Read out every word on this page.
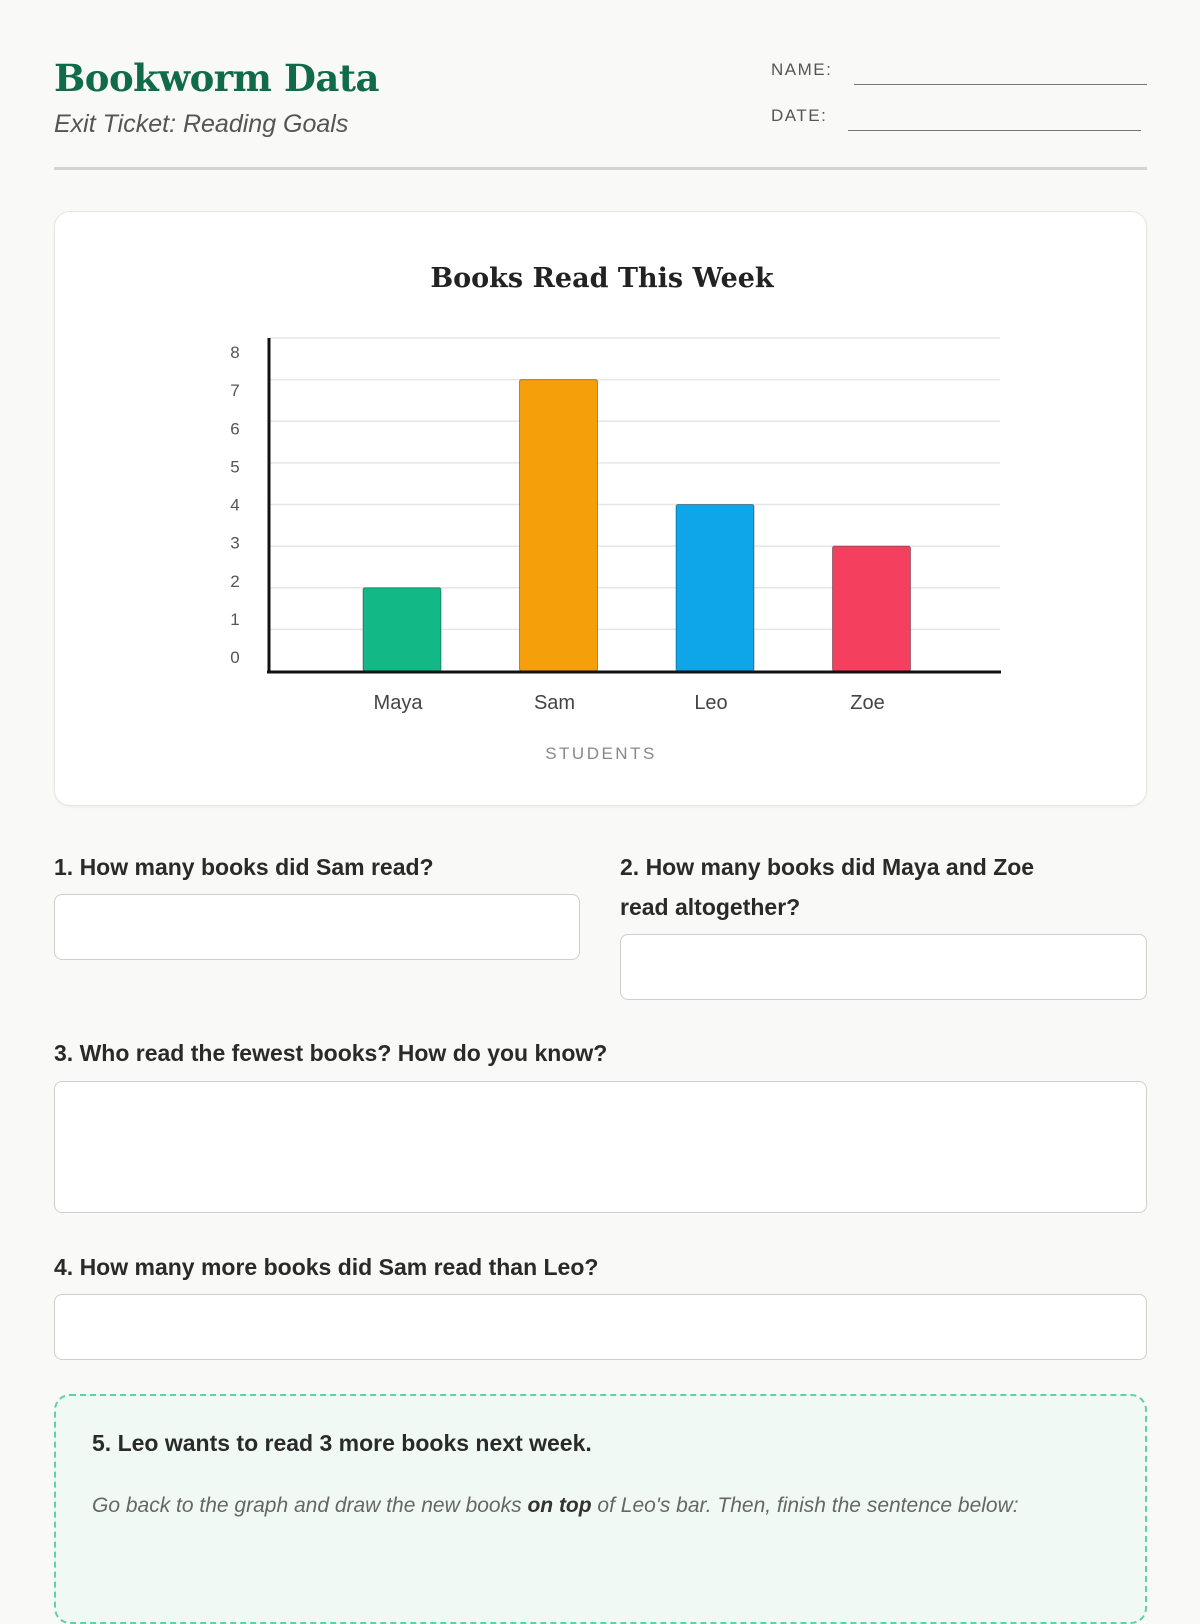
Bookworm Data
Exit Ticket: Reading Goals
NAME:
DATE:
Books Read This Week
0
1
2
3
4
5
6
7
8
Maya	Sam	Leo	Zoe
STUDENTS
1. How many books did Sam read?	2. How many books did Maya and Zoe
read altogether?
3. Who read the fewest books? How do you know?
4. How many more books did Sam read than Leo?
5. Leo wants to read 3 more books next week.
Go back to the graph and draw the new books on top of Leo's bar. Then, finish the sentence below:
